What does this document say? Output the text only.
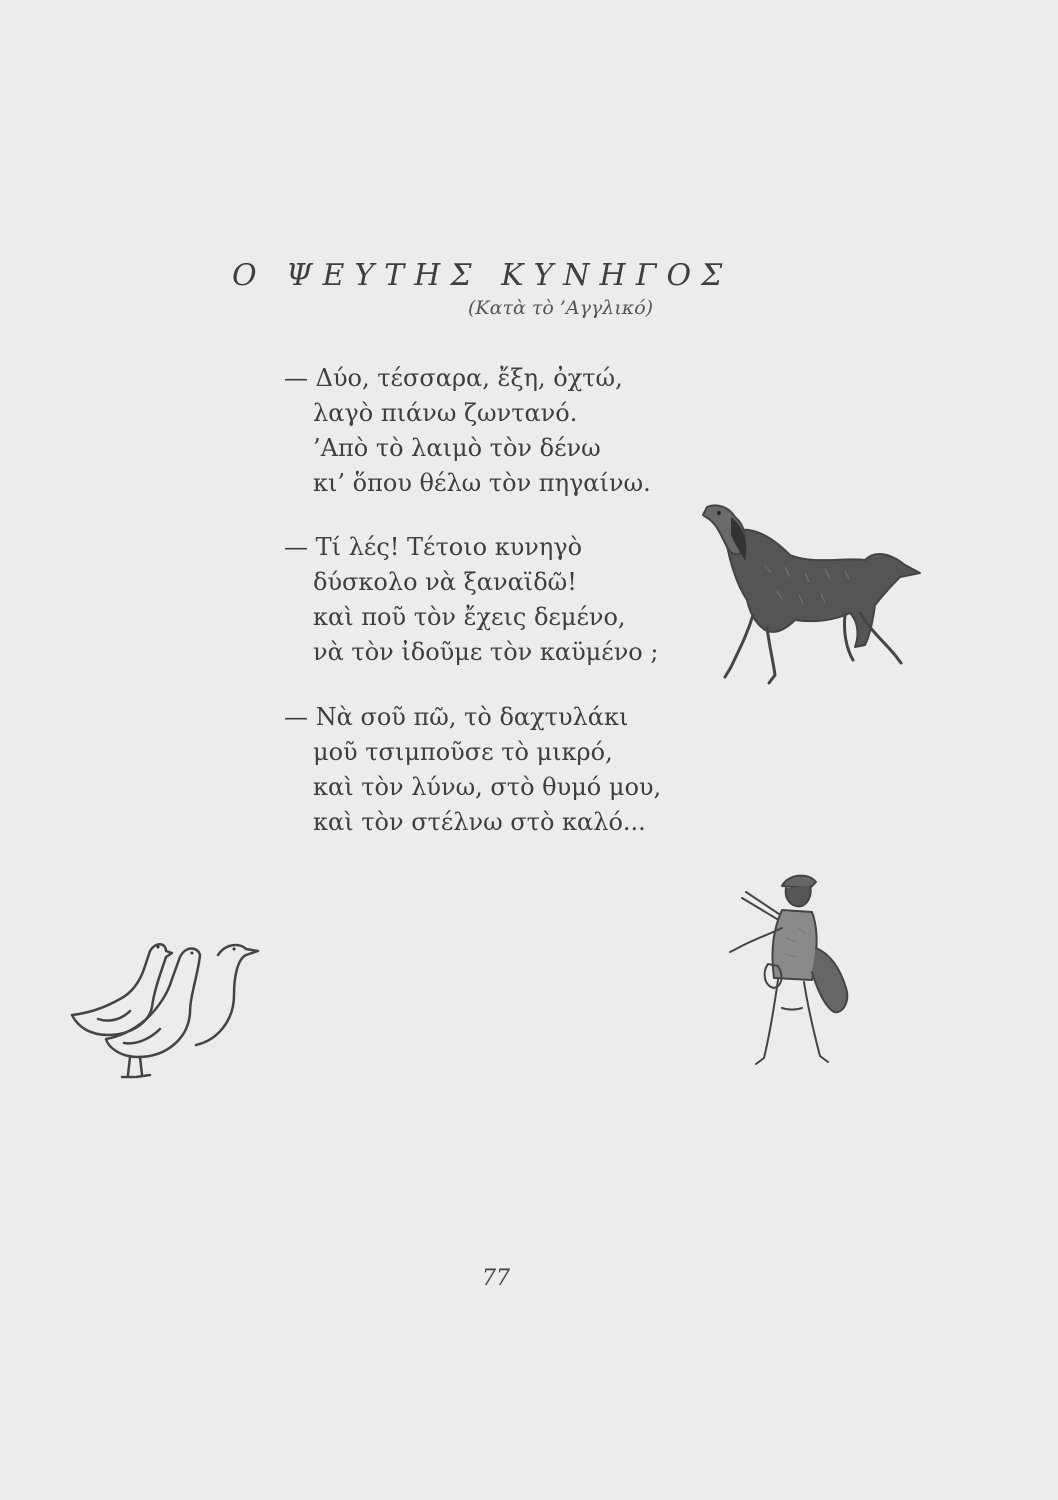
Ο ΨΕΥΤΗΣ ΚΥΝΗΓΟΣ
(Κατὰ τὸ ’Αγγλικό)
— Δύο, τέσσαρα, ἔξη, ὀχτώ,
λαγὸ πιάνω ζωντανό.
’Απὸ τὸ λαιμὸ τὸν δένω
κι’ ὅπου θέλω τὸν πηγαίνω.
— Τί λές! Τέτοιο κυνηγὸ
δύσκολο νὰ ξαναϊδῶ!
καὶ ποῦ τὸν ἔχεις δεμένο,
νὰ τὸν ἰδοῦμε τὸν καϋμένο ;
— Νὰ σοῦ πῶ, τὸ δαχτυλάκι
μοῦ τσιμποῦσε τὸ μικρό,
καὶ τὸν λύνω, στὸ θυμό μου,
καὶ τὸν στέλνω στὸ καλό...
77
